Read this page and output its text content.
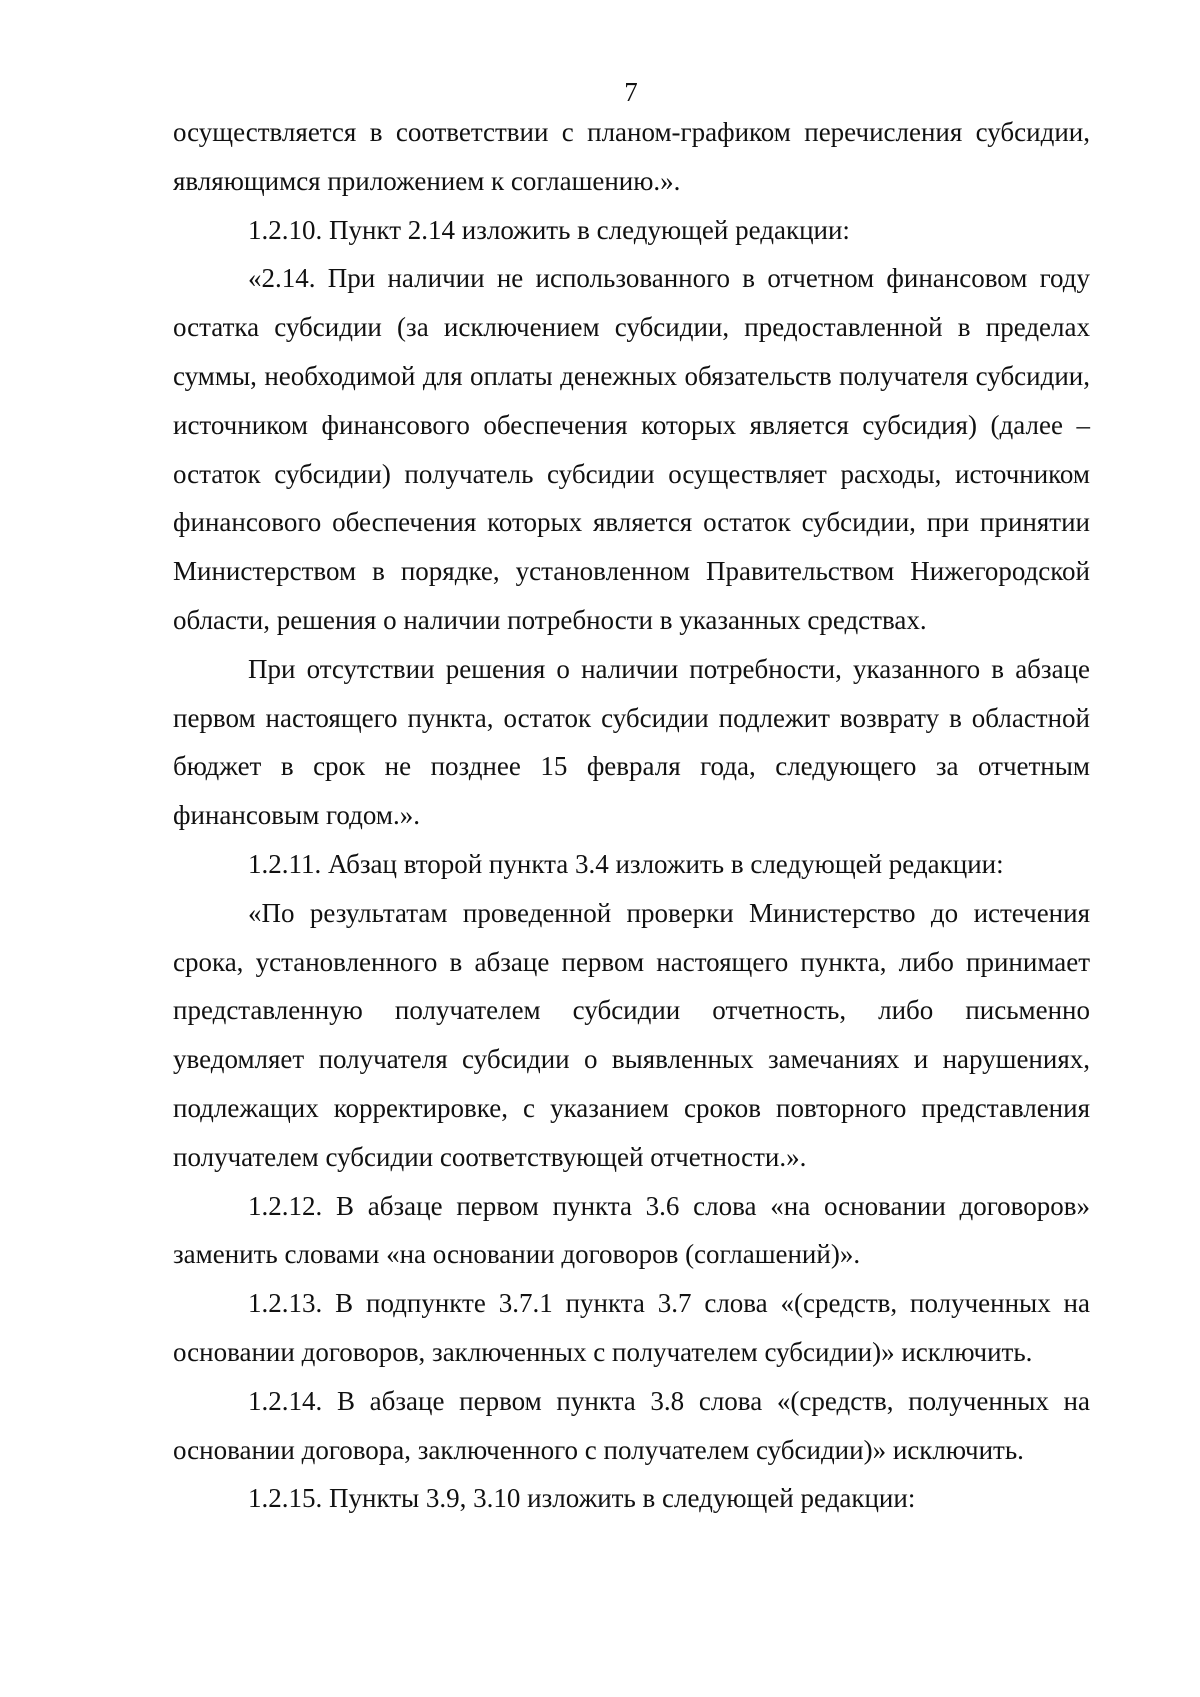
7

осуществляется в соответствии с планом-графиком перечисления субсидии, являющимся приложением к соглашению.».

1.2.10. Пункт 2.14 изложить в следующей редакции:

«2.14. При наличии не использованного в отчетном финансовом году остатка субсидии (за исключением субсидии, предоставленной в пределах суммы, необходимой для оплаты денежных обязательств получателя субсидии, источником финансового обеспечения которых является субсидия) (далее – остаток субсидии) получатель субсидии осуществляет расходы, источником финансового обеспечения которых является остаток субсидии, при принятии Министерством в порядке, установленном Правительством Нижегородской области, решения о наличии потребности в указанных средствах.

При отсутствии решения о наличии потребности, указанного в абзаце первом настоящего пункта, остаток субсидии подлежит возврату в областной бюджет в срок не позднее 15 февраля года, следующего за отчетным финансовым годом.».

1.2.11. Абзац второй пункта 3.4 изложить в следующей редакции:

«По результатам проведенной проверки Министерство до истечения срока, установленного в абзаце первом настоящего пункта, либо принимает представленную получателем субсидии отчетность, либо письменно уведомляет получателя субсидии о выявленных замечаниях и нарушениях, подлежащих корректировке, с указанием сроков повторного представления получателем субсидии соответствующей отчетности.».

1.2.12. В абзаце первом пункта 3.6 слова «на основании договоров» заменить словами «на основании договоров (соглашений)».

1.2.13. В подпункте 3.7.1 пункта 3.7 слова «(средств, полученных на основании договоров, заключенных с получателем субсидии)» исключить.

1.2.14. В абзаце первом пункта 3.8 слова «(средств, полученных на основании договора, заключенного с получателем субсидии)» исключить.

1.2.15. Пункты 3.9, 3.10 изложить в следующей редакции:
